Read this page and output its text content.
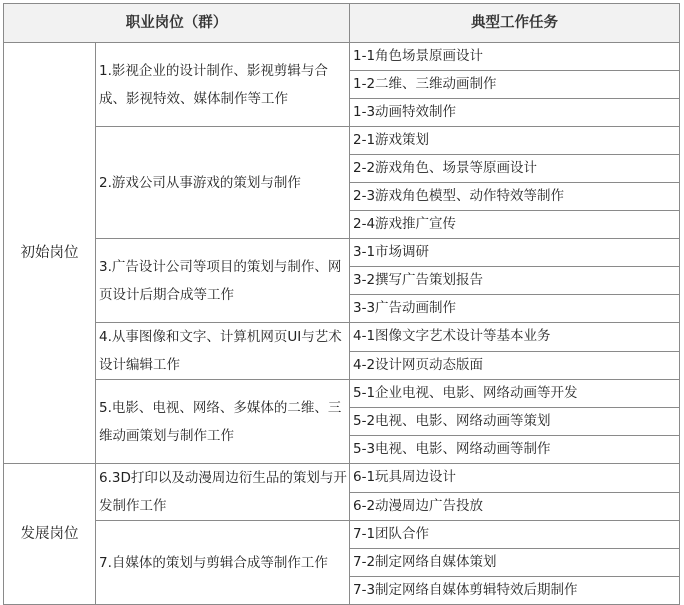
职业岗位（群）		典型工作任务
初始岗位	1.影视企业的设计制作、影视剪辑与合成、影视特效、媒体制作等工作	1-1角色场景原画设计
		1-2二维、三维动画制作
		1-3动画特效制作
	2.游戏公司从事游戏的策划与制作	2-1游戏策划
		2-2游戏角色、场景等原画设计
		2-3游戏角色模型、动作特效等制作
		2-4游戏推广宣传
	3.广告设计公司等项目的策划与制作、网页设计后期合成等工作	3-1市场调研
		3-2撰写广告策划报告
		3-3广告动画制作
	4.从事图像和文字、计算机网页UI与艺术设计编辑工作	4-1图像文字艺术设计等基本业务
		4-2设计网页动态版面
	5.电影、电视、网络、多媒体的二维、三维动画策划与制作工作	5-1企业电视、电影、网络动画等开发
		5-2电视、电影、网络动画等策划
		5-3电视、电影、网络动画等制作
发展岗位	6.3D打印以及动漫周边衍生品的策划与开发制作工作	6-1玩具周边设计
		6-2动漫周边广告投放
	7.自媒体的策划与剪辑合成等制作工作	7-1团队合作
		7-2制定网络自媒体策划
		7-3制定网络自媒体剪辑特效后期制作
